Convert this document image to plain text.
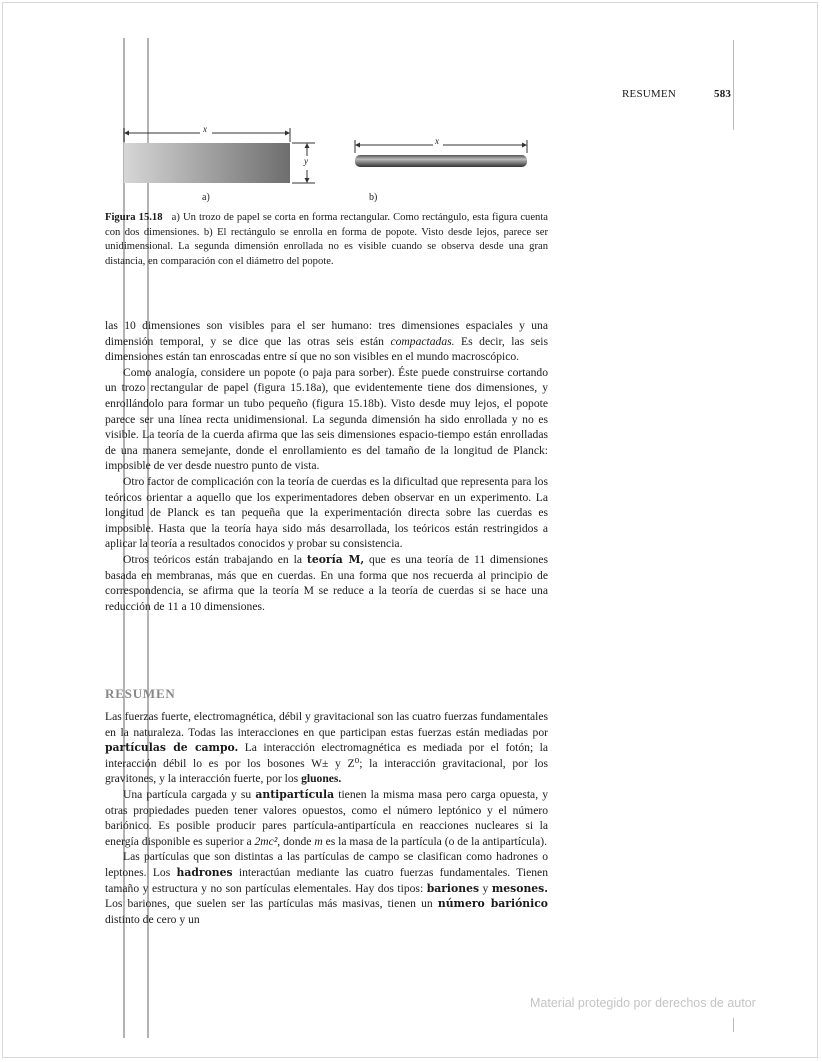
RESUMEN	583
x
y
x
a)	b)
Figura 15.18 a) Un trozo de papel se corta en forma rectangular. Como rectángulo, esta figura cuenta con dos dimensiones. b) El rectángulo se enrolla en forma de popote. Visto desde lejos, parece ser unidimensional. La segunda dimensión enrollada no es visible cuando se observa desde una gran distancia, en comparación con el diámetro del popote.

las 10 dimensiones son visibles para el ser humano: tres dimensiones espaciales y una dimensión temporal, y se dice que las otras seis están compactadas. Es decir, las seis dimensiones están tan enroscadas entre sí que no son visibles en el mundo macroscópico.

Como analogía, considere un popote (o paja para sorber). Éste puede construirse cortando un trozo rectangular de papel (figura 15.18a), que evidentemente tiene dos dimensiones, y enrollándolo para formar un tubo pequeño (figura 15.18b). Visto desde muy lejos, el popote parece ser una línea recta unidimensional. La segunda dimensión ha sido enrollada y no es visible. La teoría de la cuerda afirma que las seis dimensiones espacio-tiempo están enrolladas de una manera semejante, donde el enrollamiento es del tamaño de la longitud de Planck: imposible de ver desde nuestro punto de vista.

Otro factor de complicación con la teoría de cuerdas es la dificultad que representa para los teóricos orientar a aquello que los experimentadores deben observar en un experimento. La longitud de Planck es tan pequeña que la experimentación directa sobre las cuerdas es imposible. Hasta que la teoría haya sido más desarrollada, los teóricos están restringidos a aplicar la teoría a resultados conocidos y probar su consistencia.

Otros teóricos están trabajando en la teoría M, que es una teoría de 11 dimensiones basada en membranas, más que en cuerdas. En una forma que nos recuerda al principio de correspondencia, se afirma que la teoría M se reduce a la teoría de cuerdas si se hace una reducción de 11 a 10 dimensiones.

RESUMEN

Las fuerzas fuerte, electromagnética, débil y gravitacional son las cuatro fuerzas fundamentales en la naturaleza. Todas las interacciones en que participan estas fuerzas están mediadas por partículas de campo. La interacción electromagnética es mediada por el fotón; la interacción débil lo es por los bosones W± y Z⁰; la interacción gravitacional, por los gravitones, y la interacción fuerte, por los gluones.

Una partícula cargada y su antipartícula tienen la misma masa pero carga opuesta, y otras propiedades pueden tener valores opuestos, como el número leptónico y el número bariónico. Es posible producir pares partícula-antipartícula en reacciones nucleares si la energía disponible es superior a 2mc², donde m es la masa de la partícula (o de la antipartícula).

Las partículas que son distintas a las partículas de campo se clasifican como hadrones o leptones. Los hadrones interactúan mediante las cuatro fuerzas fundamentales. Tienen tamaño y estructura y no son partículas elementales. Hay dos tipos: bariones y mesones. Los bariones, que suelen ser las partículas más masivas, tienen un número bariónico distinto de cero y un

Material protegido por derechos de autor
